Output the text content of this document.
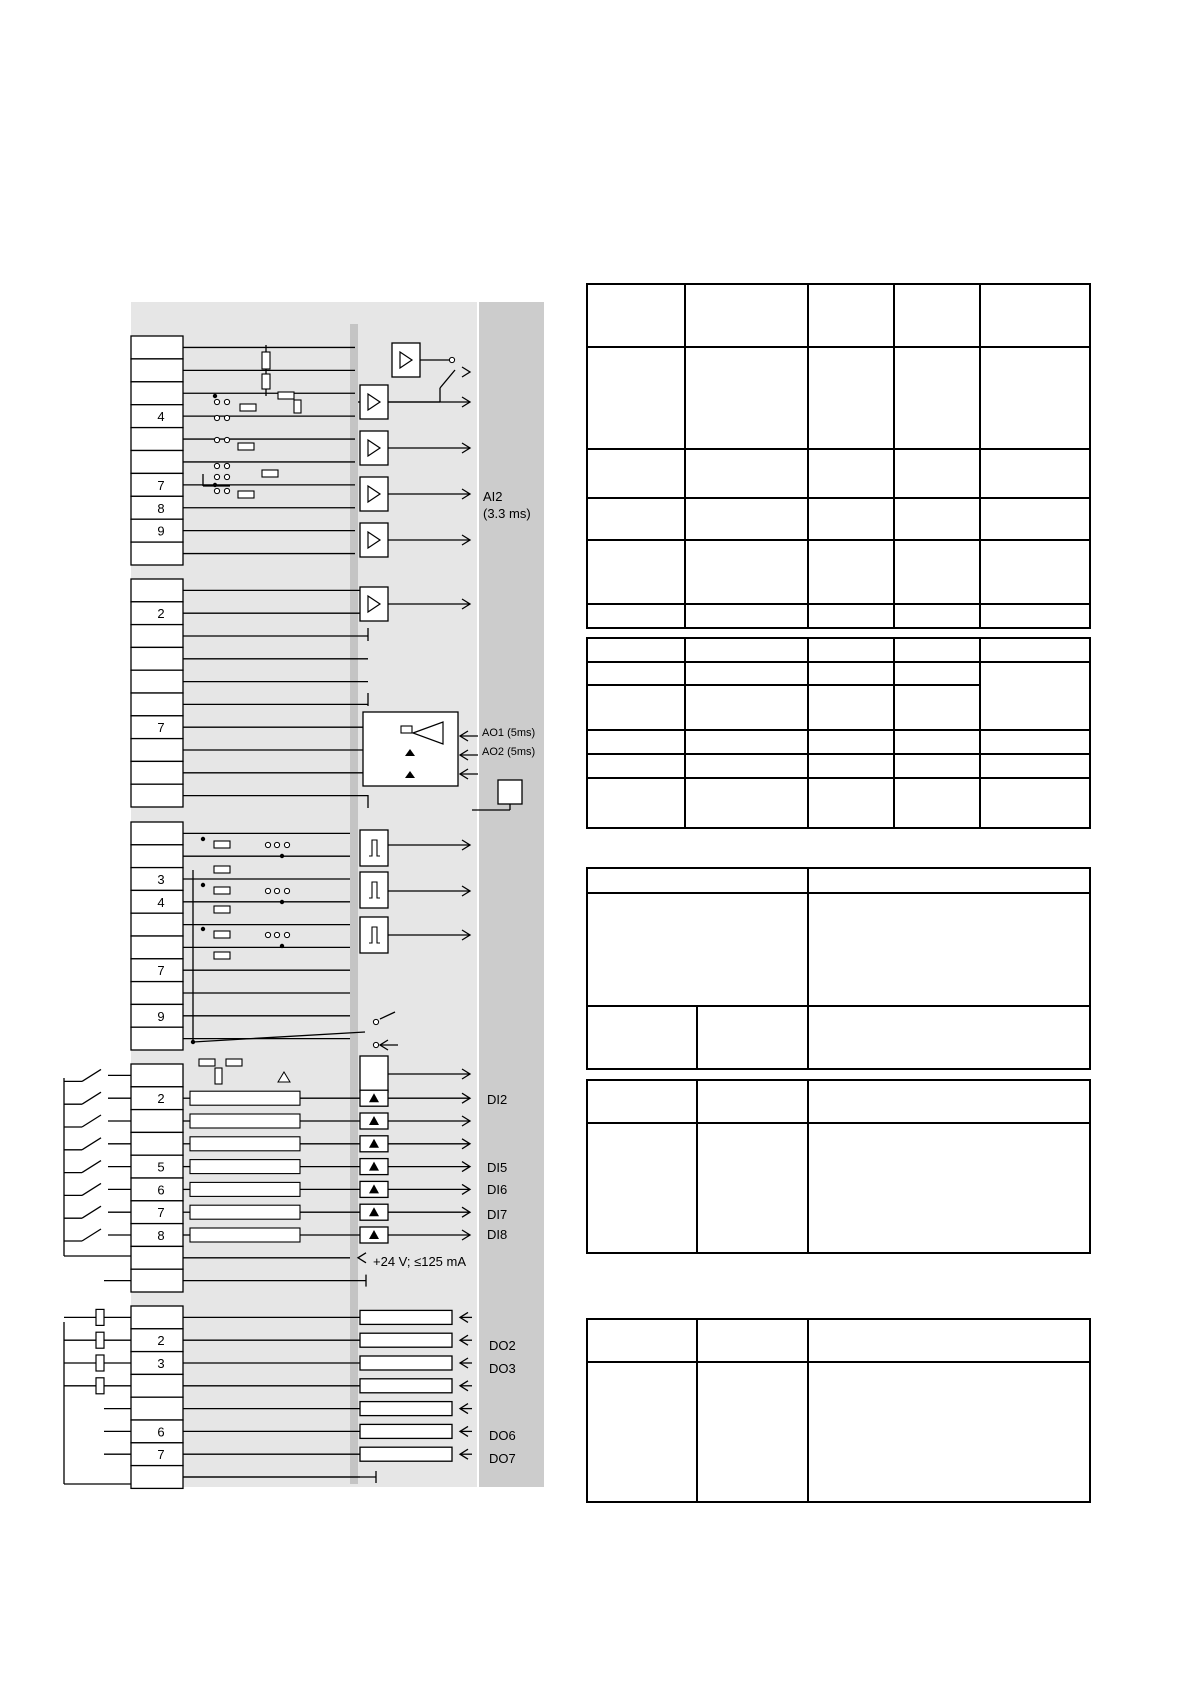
4
7
8
9
2
7
3
4
7
9
2
5
6
7
8
2
3
6
7
AI2
(3.3 ms)
AO1 (5ms)
AO2 (5ms)
DI2
DI5
DI6
DI7
DI8
+24 V; ≤125 mA
DO2
DO3
DO6
DO7
